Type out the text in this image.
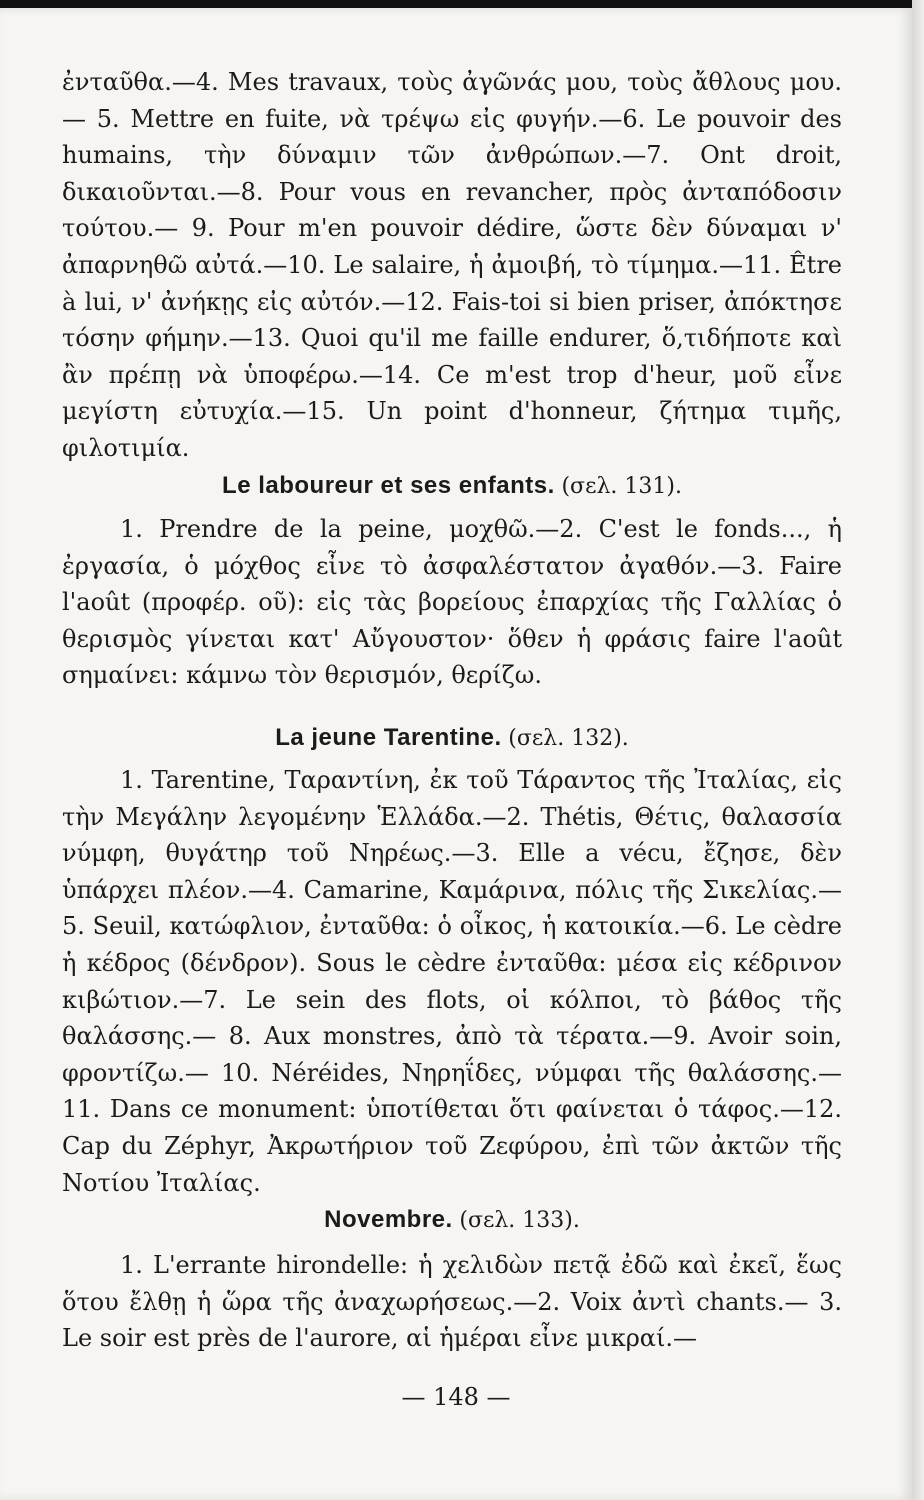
ἐνταῦθα.—4. Mes travaux, τοὺς ἀγῶνάς μου, τοὺς ἄθλους μου.— 5. Mettre en fuite, νὰ τρέψω εἰς φυγήν.—6. Le pouvoir des humains, τὴν δύναμιν τῶν ἀνθρώπων.—7. Ont droit, δικαιοῦνται.—8. Pour vous en revancher, πρὸς ἀνταπόδοσιν τούτου.— 9. Pour m'en pouvoir dédire, ὥστε δὲν δύναμαι ν' ἀπαρνηθῶ αὐτά.—10. Le salaire, ἡ ἀμοιβή, τὸ τίμημα.—11. Être à lui, ν' ἀνήκῃς εἰς αὐτόν.—12. Fais-toi si bien priser, ἀπόκτησε τόσην φήμην.—13. Quoi qu'il me faille endurer, ὅ,τιδήποτε καὶ ἂν πρέπῃ νὰ ὑποφέρω.—14. Ce m'est trop d'heur, μοῦ εἶνε μεγίστη εὐτυχία.—15. Un point d'honneur, ζήτημα τιμῆς, φιλοτιμία.

Le laboureur et ses enfants. (σελ. 131).

1. Prendre de la peine, μοχθῶ.—2. C'est le fonds..., ἡ ἐργασία, ὁ μόχθος εἶνε τὸ ἀσφαλέστατον ἀγαθόν.—3. Faire l'août (προφέρ. οῦ): εἰς τὰς βορείους ἐπαρχίας τῆς Γαλλίας ὁ θερισμὸς γίνεται κατ' Αὔγουστον· ὅθεν ἡ φράσις faire l'août σημαίνει: κάμνω τὸν θερισμόν, θερίζω.

La jeune Tarentine. (σελ. 132).

1. Tarentine, Ταραντίνη, ἐκ τοῦ Τάραντος τῆς Ἰταλίας, εἰς τὴν Μεγάλην λεγομένην Ἑλλάδα.—2. Thétis, Θέτις, θαλασσία νύμφη, θυγάτηρ τοῦ Νηρέως.—3. Elle a vécu, ἔζησε, δὲν ὑπάρχει πλέον.—4. Camarine, Καμάρινα, πόλις τῆς Σικελίας.— 5. Seuil, κατώφλιον, ἐνταῦθα: ὁ οἶκος, ἡ κατοικία.—6. Le cèdre ἡ κέδρος (δένδρον). Sous le cèdre ἐνταῦθα: μέσα εἰς κέδρινον κιβώτιον.—7. Le sein des flots, οἱ κόλποι, τὸ βάθος τῆς θαλάσσης.— 8. Aux monstres, ἀπὸ τὰ τέρατα.—9. Avoir soin, φροντίζω.— 10. Néréides, Νηρηΐδες, νύμφαι τῆς θαλάσσης.—11. Dans ce monument: ὑποτίθεται ὅτι φαίνεται ὁ τάφος.—12. Cap du Zéphyr, Ἀκρωτήριον τοῦ Ζεφύρου, ἐπὶ τῶν ἀκτῶν τῆς Νοτίου Ἰταλίας.

Novembre. (σελ. 133).

1. L'errante hirondelle: ἡ χελιδὼν πετᾷ ἐδῶ καὶ ἐκεῖ, ἕως ὅτου ἔλθῃ ἡ ὥρα τῆς ἀναχωρήσεως.—2. Voix ἀντὶ chants.— 3. Le soir est près de l'aurore, αἱ ἡμέραι εἶνε μικραί.—

— 148 —
